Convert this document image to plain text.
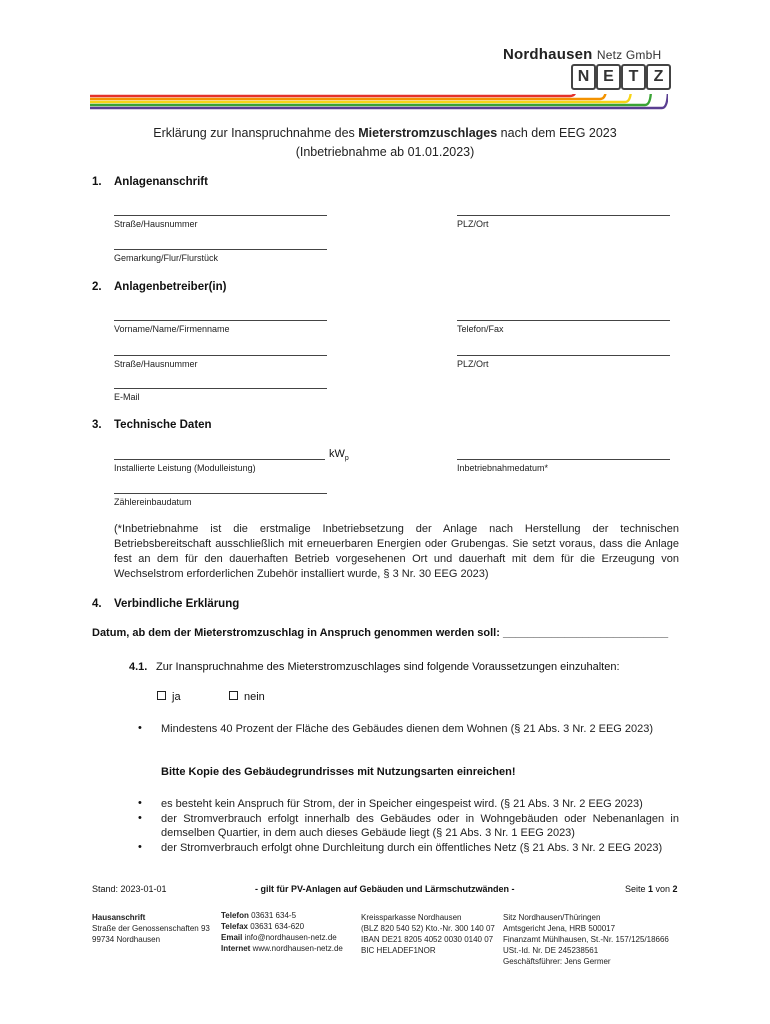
Nordhausen Netz GmbH
N E T Z
Erklärung zur Inanspruchnahme des Mieterstromzuschlages nach dem EEG 2023
(Inbetriebnahme ab 01.01.2023)
1. Anlagenanschrift
Straße/Hausnummer	PLZ/Ort
Gemarkung/Flur/Flurstück
2. Anlagenbetreiber(in)
Vorname/Name/Firmenname	Telefon/Fax
Straße/Hausnummer	PLZ/Ort
E-Mail
3. Technische Daten
$kW_p$
Installierte Leistung (Modulleistung)	Inbetriebnahmedatum*
Zählereinbaudatum
(*Inbetriebnahme ist die erstmalige Inbetriebsetzung der Anlage nach Herstellung der technischen Betriebsbereitschaft ausschließlich mit erneuerbaren Energien oder Grubengas. Sie setzt voraus, dass die Anlage fest an dem für den dauerhaften Betrieb vorgesehenen Ort und dauerhaft mit dem für die Erzeugung von Wechselstrom erforderlichen Zubehör installiert wurde, § 3 Nr. 30 EEG 2023)
4. Verbindliche Erklärung
Datum, ab dem der Mieterstromzuschlag in Anspruch genommen werden soll: ___________________________
4.1. Zur Inanspruchnahme des Mieterstromzuschlages sind folgende Voraussetzungen einzuhalten:
ja	nein
• Mindestens 40 Prozent der Fläche des Gebäudes dienen dem Wohnen (§ 21 Abs. 3 Nr. 2 EEG 2023)
Bitte Kopie des Gebäudegrundrisses mit Nutzungsarten einreichen!
• es besteht kein Anspruch für Strom, der in Speicher eingespeist wird. (§ 21 Abs. 3 Nr. 2 EEG 2023)
• der Stromverbrauch erfolgt innerhalb des Gebäudes oder in Wohngebäuden oder Nebenanlagen in demselben Quartier, in dem auch dieses Gebäude liegt (§ 21 Abs. 3 Nr. 1 EEG 2023)
• der Stromverbrauch erfolgt ohne Durchleitung durch ein öffentliches Netz (§ 21 Abs. 3 Nr. 2 EEG 2023)
Stand: 2023-01-01	- gilt für PV-Anlagen auf Gebäuden und Lärmschutzwänden -	Seite 1 von 2
Hausanschrift
Straße der Genossenschaften 93
99734 Nordhausen
Telefon 03631 634-5
Telefax 03631 634-620
Email info@nordhausen-netz.de
Internet www.nordhausen-netz.de
Kreissparkasse Nordhausen
(BLZ 820 540 52) Kto.-Nr. 300 140 07
IBAN DE21 8205 4052 0030 0140 07
BIC HELADEF1NOR
Sitz Nordhausen/Thüringen
Amtsgericht Jena, HRB 500017
Finanzamt Mühlhausen, St.-Nr. 157/125/18666
USt.-Id. Nr. DE 245238561
Geschäftsführer: Jens Germer
